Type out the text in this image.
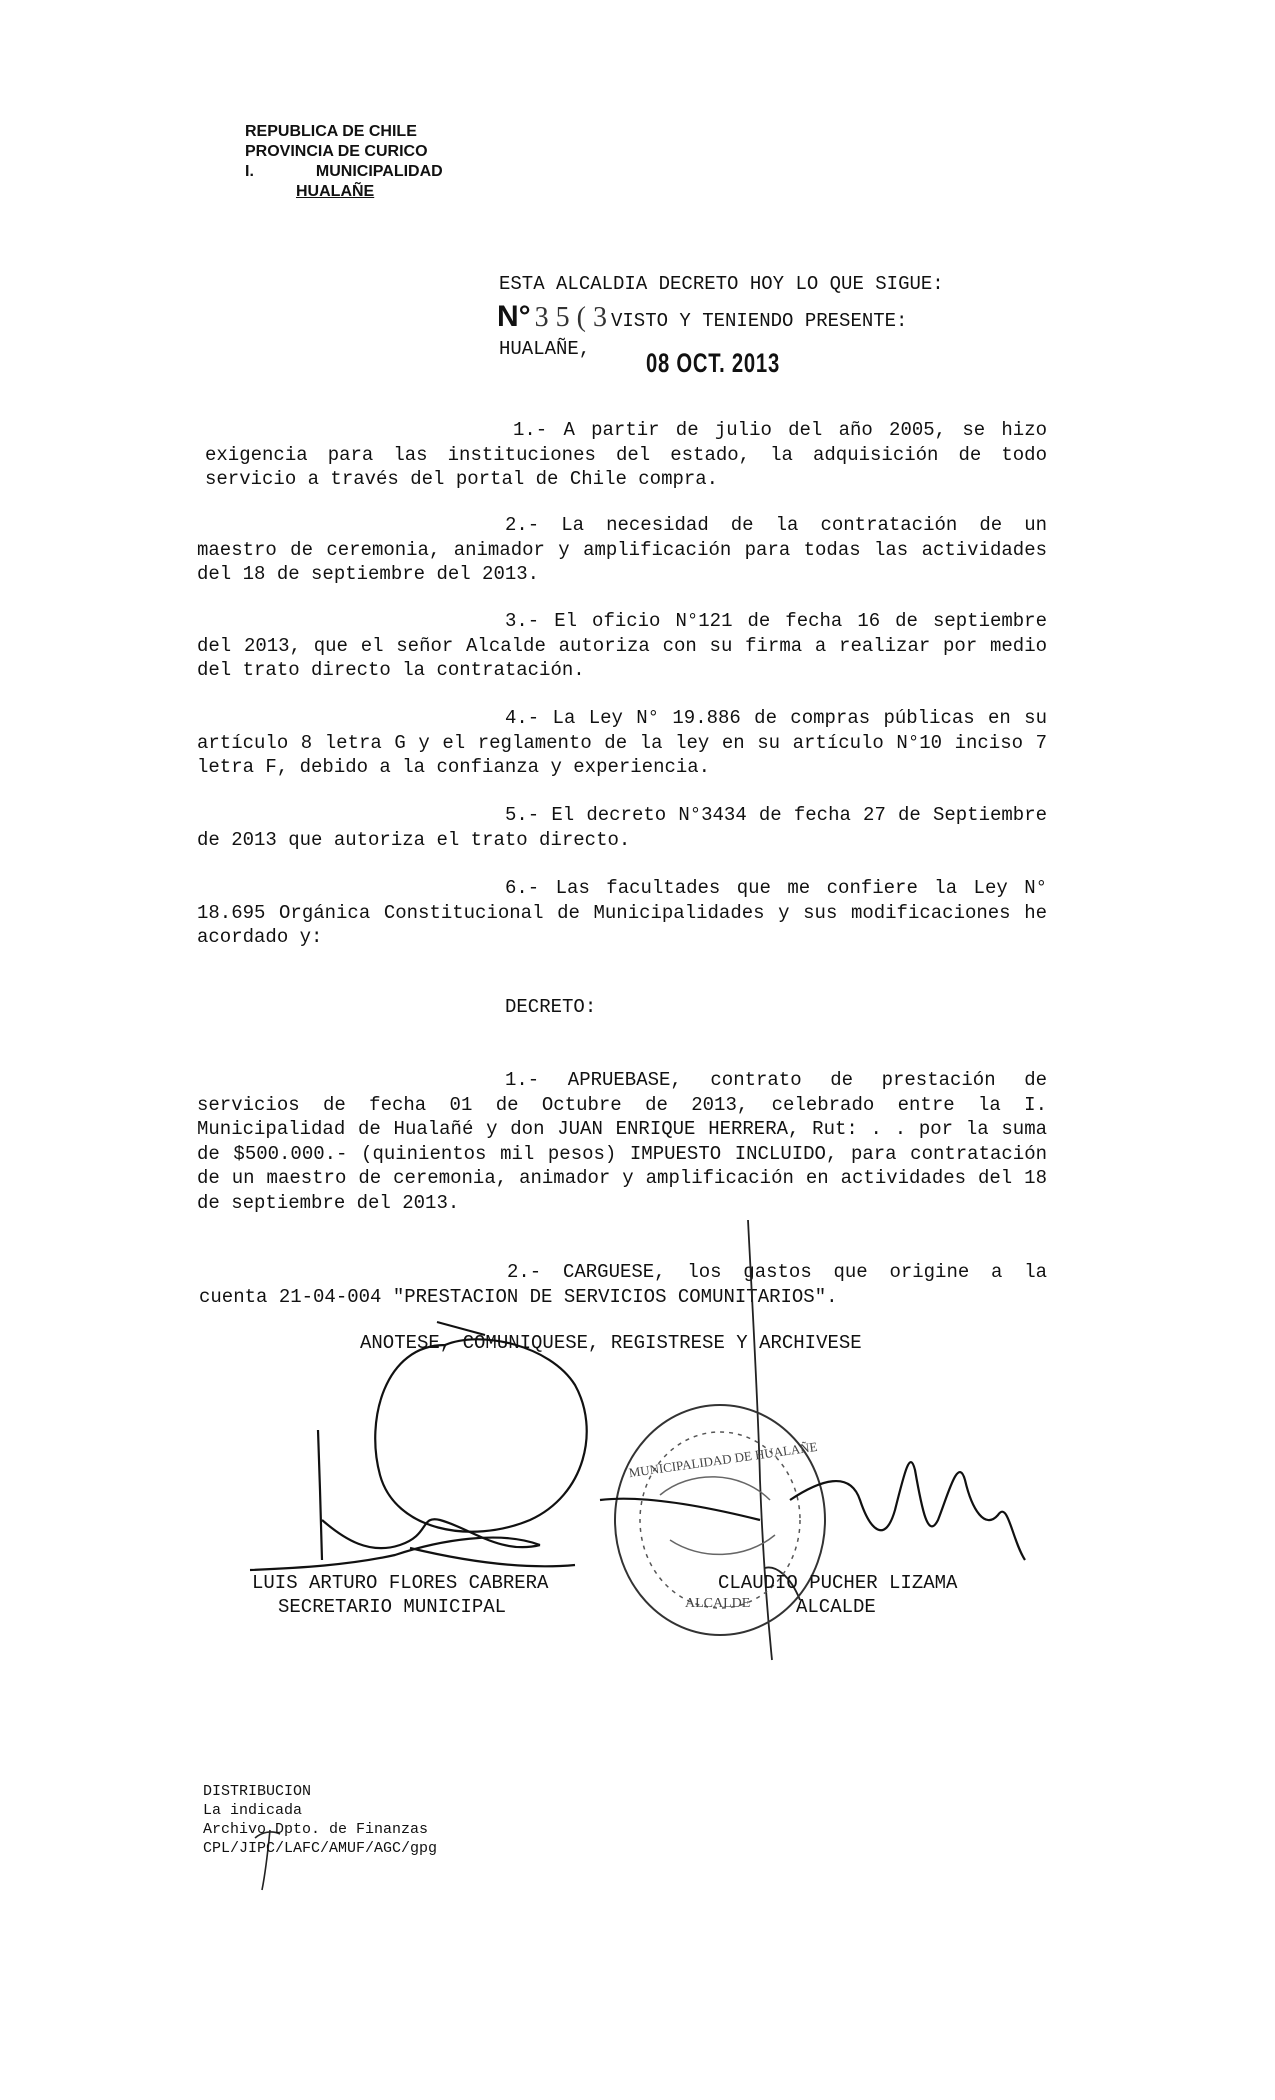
REPUBLICA DE CHILE
PROVINCIA DE CURICO
I.	MUNICIPALIDAD
HUALAÑE
ESTA ALCALDIA DECRETO HOY LO QUE SIGUE:
N° 3 5 ( 3 VISTO Y TENIENDO PRESENTE:
HUALAÑE, 08 OCT. 2013
1.- A partir de julio del año 2005, se hizo exigencia para las instituciones del estado, la adquisición de todo servicio a través del portal de Chile compra.
2.- La necesidad de la contratación de un maestro de ceremonia, animador y amplificación para todas las actividades del 18 de septiembre del 2013.
3.- El oficio N°121 de fecha 16 de septiembre del 2013, que el señor Alcalde autoriza con su firma a realizar por medio del trato directo la contratación.
4.- La Ley N° 19.886 de compras públicas en su artículo 8 letra G y el reglamento de la ley en su artículo N°10 inciso 7 letra F, debido a la confianza y experiencia.
5.- El decreto N°3434 de fecha 27 de Septiembre de 2013 que autoriza el trato directo.
6.- Las facultades que me confiere la Ley N° 18.695 Orgánica Constitucional de Municipalidades y sus modificaciones he acordado y:
DECRETO:
1.- APRUEBASE, contrato de prestación de servicios de fecha 01 de Octubre de 2013, celebrado entre la I. Municipalidad de Hualañé y don JUAN ENRIQUE HERRERA, Rut: . . por la suma de $500.000.- (quinientos mil pesos) IMPUESTO INCLUIDO, para contratación de un maestro de ceremonia, animador y amplificación en actividades del 18 de septiembre del 2013.
2.- CARGUESE, los gastos que origine a la cuenta 21-04-004 "PRESTACION DE SERVICIOS COMUNITARIOS".
ANOTESE, COMUNIQUESE, REGISTRESE Y ARCHIVESE
MUNICIPALIDAD DE HUALAÑE
ALCALDE
LUIS ARTURO FLORES CABRERA
SECRETARIO MUNICIPAL
CLAUDIO PUCHER LIZAMA
ALCALDE
DISTRIBUCION
La indicada
Archivo Dpto. de Finanzas
CPL/JIPC/LAFC/AMUF/AGC/gpg
